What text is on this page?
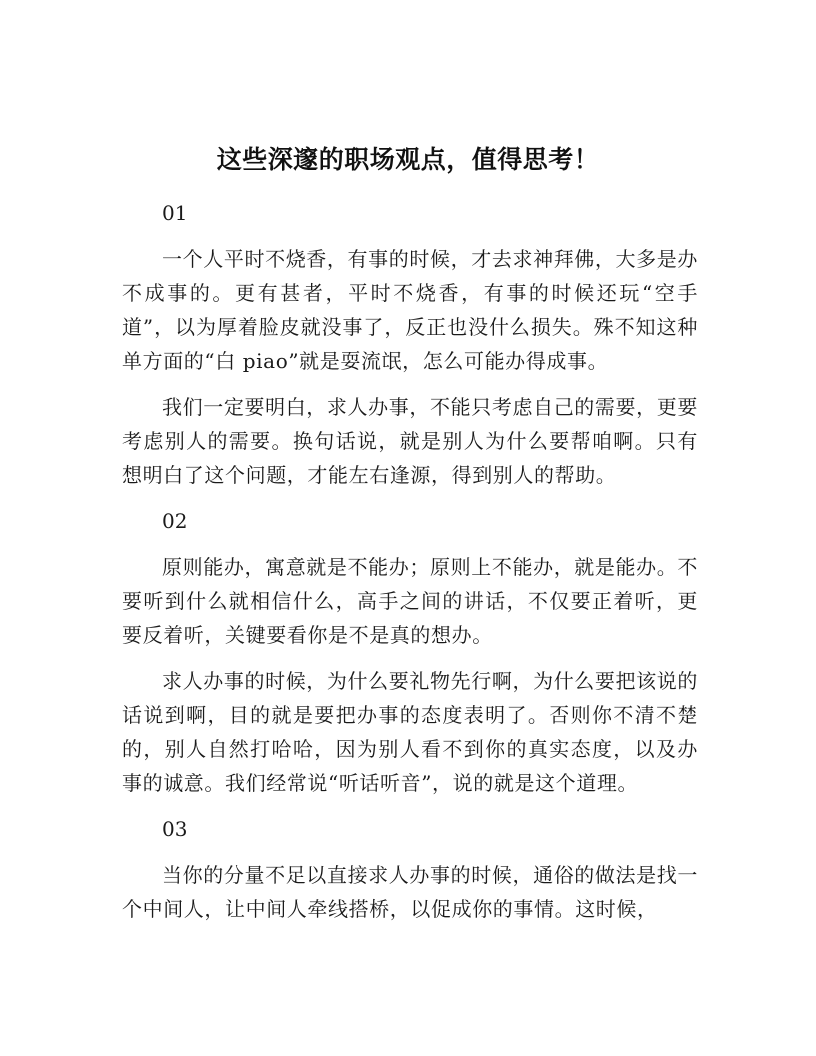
这些深邃的职场观点，值得思考！
01

一个人平时不烧香，有事的时候，才去求神拜佛，大多是办不成事的。更有甚者，平时不烧香，有事的时候还玩“空手道”，以为厚着脸皮就没事了，反正也没什么损失。殊不知这种单方面的“白 piao”就是耍流氓，怎么可能办得成事。

我们一定要明白，求人办事，不能只考虑自己的需要，更要考虑别人的需要。换句话说，就是别人为什么要帮咱啊。只有想明白了这个问题，才能左右逢源，得到别人的帮助。

02

原则能办，寓意就是不能办；原则上不能办，就是能办。不要听到什么就相信什么，高手之间的讲话，不仅要正着听，更要反着听，关键要看你是不是真的想办。

求人办事的时候，为什么要礼物先行啊，为什么要把该说的话说到啊，目的就是要把办事的态度表明了。否则你不清不楚的，别人自然打哈哈，因为别人看不到你的真实态度，以及办事的诚意。我们经常说“听话听音”，说的就是这个道理。

03

当你的分量不足以直接求人办事的时候，通俗的做法是找一个中间人，让中间人牵线搭桥，以促成你的事情。这时候，
